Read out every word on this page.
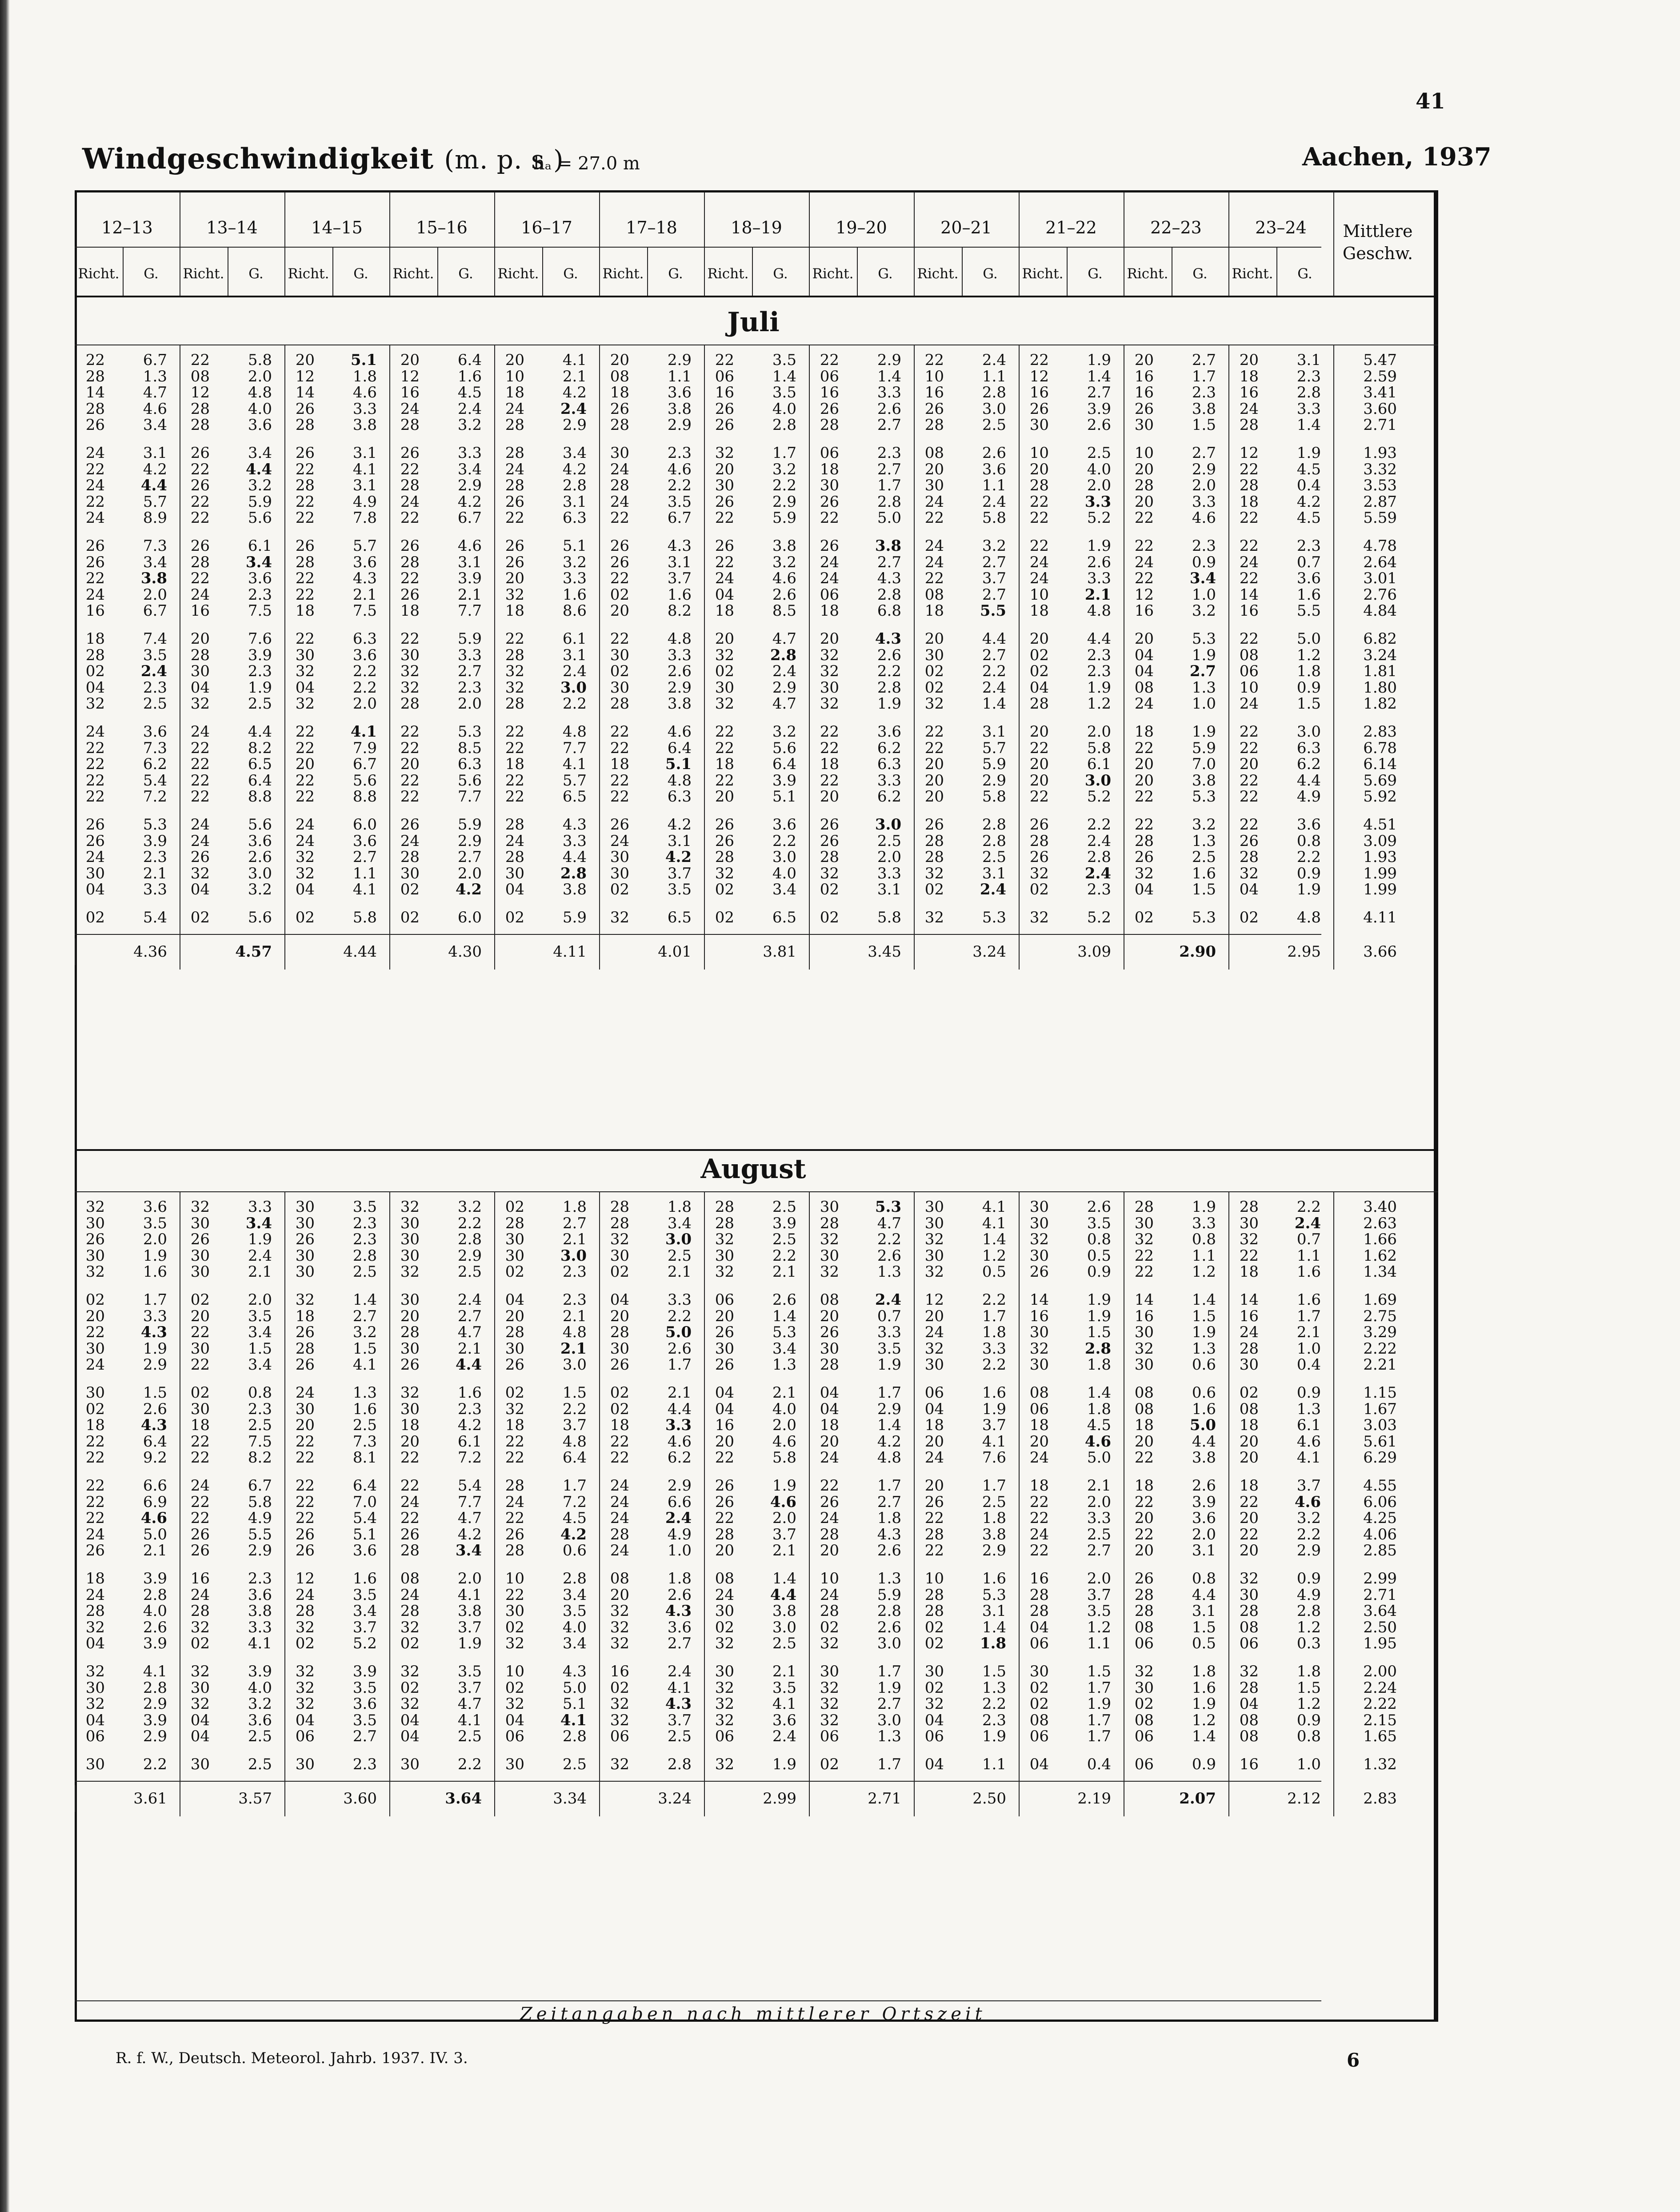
41
Windgeschwindigkeit (m. p. s )
hₐ = 27.0 m	Aachen, 1937
12–13
Richt.	G.
13–14
Richt.	G.
14–15
Richt.	G.
15–16
Richt.	G.
16–17
Richt.	G.
17–18
Richt.	G.
18–19
Richt.	G.
19–20
Richt.	G.
20–21
Richt.	G.
21–22
Richt.	G.
22–23
Richt.	G.
23–24
Richt.	G.
Mittlere
Geschw.
Juli
22	6.7	22	5.8	20	5.1	20	6.4	20	4.1	20	2.9	22	3.5	22	2.9	22	2.4	22	1.9	20	2.7	20	3.1	5.47
28	1.3	08	2.0	12	1.8	12	1.6	10	2.1	08	1.1	06	1.4	06	1.4	10	1.1	12	1.4	16	1.7	18	2.3	2.59
14	4.7	12	4.8	14	4.6	16	4.5	18	4.2	18	3.6	16	3.5	16	3.3	16	2.8	16	2.7	16	2.3	16	2.8	3.41
28	4.6	28	4.0	26	3.3	24	2.4	24	2.4	26	3.8	26	4.0	26	2.6	26	3.0	26	3.9	26	3.8	24	3.3	3.60
26	3.4	28	3.6	28	3.8	28	3.2	28	2.9	28	2.9	26	2.8	28	2.7	28	2.5	30	2.6	30	1.5	28	1.4	2.71
24	3.1	26	3.4	26	3.1	26	3.3	28	3.4	30	2.3	32	1.7	06	2.3	08	2.6	10	2.5	10	2.7	12	1.9	1.93
22	4.2	22	4.4	22	4.1	22	3.4	24	4.2	24	4.6	20	3.2	18	2.7	20	3.6	20	4.0	20	2.9	22	4.5	3.32
24	4.4	26	3.2	28	3.1	28	2.9	28	2.8	28	2.2	30	2.2	30	1.7	30	1.1	28	2.0	28	2.0	28	0.4	3.53
22	5.7	22	5.9	22	4.9	24	4.2	26	3.1	24	3.5	26	2.9	26	2.8	24	2.4	22	3.3	20	3.3	18	4.2	2.87
24	8.9	22	5.6	22	7.8	22	6.7	22	6.3	22	6.7	22	5.9	22	5.0	22	5.8	22	5.2	22	4.6	22	4.5	5.59
26	7.3	26	6.1	26	5.7	26	4.6	26	5.1	26	4.3	26	3.8	26	3.8	24	3.2	22	1.9	22	2.3	22	2.3	4.78
26	3.4	28	3.4	28	3.6	28	3.1	26	3.2	26	3.1	22	3.2	24	2.7	24	2.7	24	2.6	24	0.9	24	0.7	2.64
22	3.8	22	3.6	22	4.3	22	3.9	20	3.3	22	3.7	24	4.6	24	4.3	22	3.7	24	3.3	22	3.4	22	3.6	3.01
24	2.0	24	2.3	22	2.1	26	2.1	32	1.6	02	1.6	04	2.6	06	2.8	08	2.7	10	2.1	12	1.0	14	1.6	2.76
16	6.7	16	7.5	18	7.5	18	7.7	18	8.6	20	8.2	18	8.5	18	6.8	18	5.5	18	4.8	16	3.2	16	5.5	4.84
18	7.4	20	7.6	22	6.3	22	5.9	22	6.1	22	4.8	20	4.7	20	4.3	20	4.4	20	4.4	20	5.3	22	5.0	6.82
28	3.5	28	3.9	30	3.6	30	3.3	28	3.1	30	3.3	32	2.8	32	2.6	30	2.7	02	2.3	04	1.9	08	1.2	3.24
02	2.4	30	2.3	32	2.2	32	2.7	32	2.4	02	2.6	02	2.4	32	2.2	02	2.2	02	2.3	04	2.7	06	1.8	1.81
04	2.3	04	1.9	04	2.2	32	2.3	32	3.0	30	2.9	30	2.9	30	2.8	02	2.4	04	1.9	08	1.3	10	0.9	1.80
32	2.5	32	2.5	32	2.0	28	2.0	28	2.2	28	3.8	32	4.7	32	1.9	32	1.4	28	1.2	24	1.0	24	1.5	1.82
24	3.6	24	4.4	22	4.1	22	5.3	22	4.8	22	4.6	22	3.2	22	3.6	22	3.1	20	2.0	18	1.9	22	3.0	2.83
22	7.3	22	8.2	22	7.9	22	8.5	22	7.7	22	6.4	22	5.6	22	6.2	22	5.7	22	5.8	22	5.9	22	6.3	6.78
22	6.2	22	6.5	20	6.7	20	6.3	18	4.1	18	5.1	18	6.4	18	6.3	20	5.9	20	6.1	20	7.0	20	6.2	6.14
22	5.4	22	6.4	22	5.6	22	5.6	22	5.7	22	4.8	22	3.9	22	3.3	20	2.9	20	3.0	20	3.8	22	4.4	5.69
22	7.2	22	8.8	22	8.8	22	7.7	22	6.5	22	6.3	20	5.1	20	6.2	20	5.8	22	5.2	22	5.3	22	4.9	5.92
26	5.3	24	5.6	24	6.0	26	5.9	28	4.3	26	4.2	26	3.6	26	3.0	26	2.8	26	2.2	22	3.2	22	3.6	4.51
26	3.9	24	3.6	24	3.6	24	2.9	24	3.3	24	3.1	26	2.2	26	2.5	28	2.8	28	2.4	28	1.3	26	0.8	3.09
24	2.3	26	2.6	32	2.7	28	2.7	28	4.4	30	4.2	28	3.0	28	2.0	28	2.5	26	2.8	26	2.5	28	2.2	1.93
30	2.1	32	3.0	32	1.1	30	2.0	30	2.8	30	3.7	32	4.0	32	3.3	32	3.1	32	2.4	32	1.6	32	0.9	1.99
04	3.3	04	3.2	04	4.1	02	4.2	04	3.8	02	3.5	02	3.4	02	3.1	02	2.4	02	2.3	04	1.5	04	1.9	1.99
02	5.4	02	5.6	02	5.8	02	6.0	02	5.9	32	6.5	02	6.5	02	5.8	32	5.3	32	5.2	02	5.3	02	4.8	4.11
4.36	4.57	4.44	4.30	4.11	4.01	3.81	3.45	3.24	3.09	2.90	2.95	3.66
August
32	3.6	32	3.3	30	3.5	32	3.2	02	1.8	28	1.8	28	2.5	30	5.3	30	4.1	30	2.6	28	1.9	28	2.2	3.40
30	3.5	30	3.4	30	2.3	30	2.2	28	2.7	28	3.4	28	3.9	28	4.7	30	4.1	30	3.5	30	3.3	30	2.4	2.63
26	2.0	26	1.9	26	2.3	30	2.8	30	2.1	32	3.0	32	2.5	32	2.2	32	1.4	32	0.8	32	0.8	32	0.7	1.66
30	1.9	30	2.4	30	2.8	30	2.9	30	3.0	30	2.5	30	2.2	30	2.6	30	1.2	30	0.5	22	1.1	22	1.1	1.62
32	1.6	30	2.1	30	2.5	32	2.5	02	2.3	02	2.1	32	2.1	32	1.3	32	0.5	26	0.9	22	1.2	18	1.6	1.34
02	1.7	02	2.0	32	1.4	30	2.4	04	2.3	04	3.3	06	2.6	08	2.4	12	2.2	14	1.9	14	1.4	14	1.6	1.69
20	3.3	20	3.5	18	2.7	20	2.7	20	2.1	20	2.2	20	1.4	20	0.7	20	1.7	16	1.9	16	1.5	16	1.7	2.75
22	4.3	22	3.4	26	3.2	28	4.7	28	4.8	28	5.0	26	5.3	26	3.3	24	1.8	30	1.5	30	1.9	24	2.1	3.29
30	1.9	30	1.5	28	1.5	30	2.1	30	2.1	30	2.6	30	3.4	30	3.5	32	3.3	32	2.8	32	1.3	28	1.0	2.22
24	2.9	22	3.4	26	4.1	26	4.4	26	3.0	26	1.7	26	1.3	28	1.9	30	2.2	30	1.8	30	0.6	30	0.4	2.21
30	1.5	02	0.8	24	1.3	32	1.6	02	1.5	02	2.1	04	2.1	04	1.7	06	1.6	08	1.4	08	0.6	02	0.9	1.15
02	2.6	30	2.3	30	1.6	30	2.3	32	2.2	02	4.4	04	4.0	04	2.9	04	1.9	06	1.8	08	1.6	08	1.3	1.67
18	4.3	18	2.5	20	2.5	18	4.2	18	3.7	18	3.3	16	2.0	18	1.4	18	3.7	18	4.5	18	5.0	18	6.1	3.03
22	6.4	22	7.5	22	7.3	20	6.1	22	4.8	22	4.6	20	4.6	20	4.2	20	4.1	20	4.6	20	4.4	20	4.6	5.61
22	9.2	22	8.2	22	8.1	22	7.2	22	6.4	22	6.2	22	5.8	24	4.8	24	7.6	24	5.0	22	3.8	20	4.1	6.29
22	6.6	24	6.7	22	6.4	22	5.4	28	1.7	24	2.9	26	1.9	22	1.7	20	1.7	18	2.1	18	2.6	18	3.7	4.55
22	6.9	22	5.8	22	7.0	24	7.7	24	7.2	24	6.6	26	4.6	26	2.7	26	2.5	22	2.0	22	3.9	22	4.6	6.06
22	4.6	22	4.9	22	5.4	22	4.7	22	4.5	24	2.4	22	2.0	24	1.8	22	1.8	22	3.3	20	3.6	20	3.2	4.25
24	5.0	26	5.5	26	5.1	26	4.2	26	4.2	28	4.9	28	3.7	28	4.3	28	3.8	24	2.5	22	2.0	22	2.2	4.06
26	2.1	26	2.9	26	3.6	28	3.4	28	0.6	24	1.0	20	2.1	20	2.6	22	2.9	22	2.7	20	3.1	20	2.9	2.85
18	3.9	16	2.3	12	1.6	08	2.0	10	2.8	08	1.8	08	1.4	10	1.3	10	1.6	16	2.0	26	0.8	32	0.9	2.99
24	2.8	24	3.6	24	3.5	24	4.1	22	3.4	20	2.6	24	4.4	24	5.9	28	5.3	28	3.7	28	4.4	30	4.9	2.71
28	4.0	28	3.8	28	3.4	28	3.8	30	3.5	32	4.3	30	3.8	28	2.8	28	3.1	28	3.5	28	3.1	28	2.8	3.64
32	2.6	32	3.3	32	3.7	32	3.7	02	4.0	32	3.6	02	3.0	02	2.6	02	1.4	04	1.2	08	1.5	08	1.2	2.50
04	3.9	02	4.1	02	5.2	02	1.9	32	3.4	32	2.7	32	2.5	32	3.0	02	1.8	06	1.1	06	0.5	06	0.3	1.95
32	4.1	32	3.9	32	3.9	32	3.5	10	4.3	16	2.4	30	2.1	30	1.7	30	1.5	30	1.5	32	1.8	32	1.8	2.00
30	2.8	30	4.0	32	3.5	02	3.7	02	5.0	02	4.1	32	3.5	32	1.9	02	1.3	02	1.7	30	1.6	28	1.5	2.24
32	2.9	32	3.2	32	3.6	32	4.7	32	5.1	32	4.3	32	4.1	32	2.7	32	2.2	02	1.9	02	1.9	04	1.2	2.22
04	3.9	04	3.6	04	3.5	04	4.1	04	4.1	32	3.7	32	3.6	32	3.0	04	2.3	08	1.7	08	1.2	08	0.9	2.15
06	2.9	04	2.5	06	2.7	04	2.5	06	2.8	06	2.5	06	2.4	06	1.3	06	1.9	06	1.7	06	1.4	08	0.8	1.65
30	2.2	30	2.5	30	2.3	30	2.2	30	2.5	32	2.8	32	1.9	02	1.7	04	1.1	04	0.4	06	0.9	16	1.0	1.32
3.61	3.57	3.60	3.64	3.34	3.24	2.99	2.71	2.50	2.19	2.07	2.12	2.83
Zeitangaben nach mittlerer Ortszeit
R. f. W., Deutsch. Meteorol. Jahrb. 1937. IV. 3.	6
